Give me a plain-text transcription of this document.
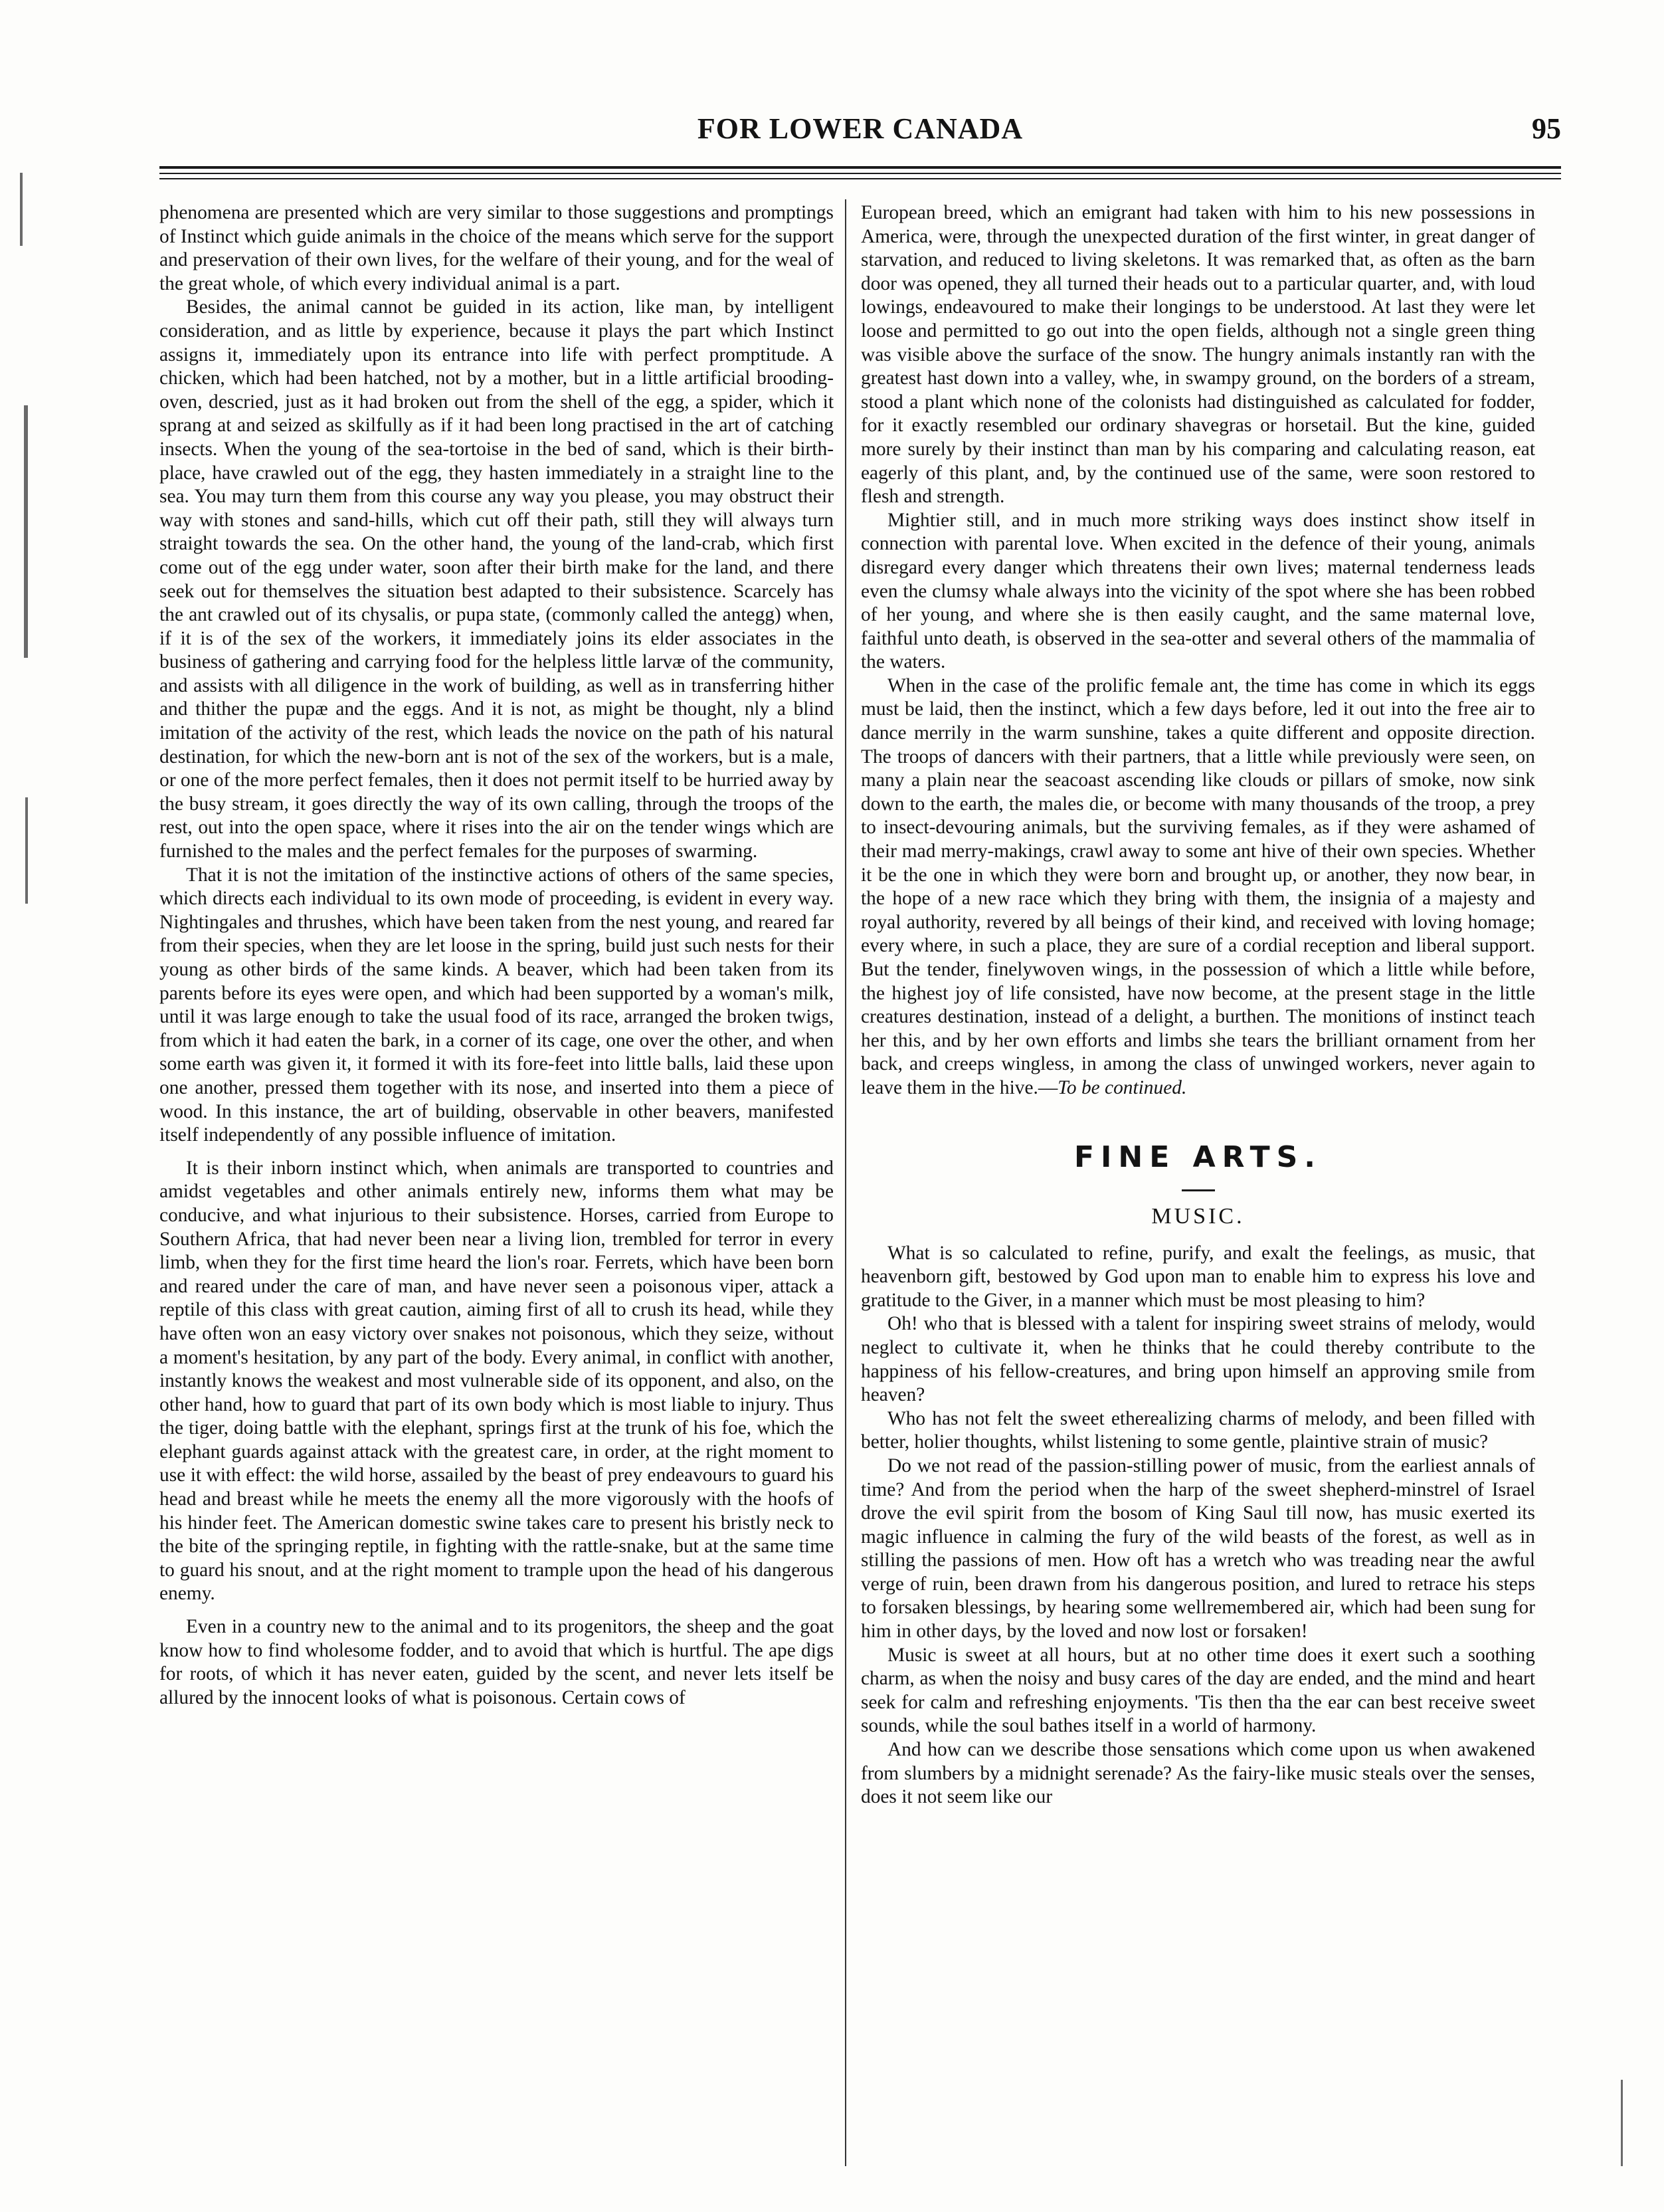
FOR LOWER CANADA	95

phenomena are presented which are very similar to those suggestions and promptings of Instinct which guide animals in the choice of the means which serve for the support and preservation of their own lives, for the welfare of their young, and for the weal of the great whole, of which every individual animal is a part.

Besides, the animal cannot be guided in its action, like man, by intelligent consideration, and as little by experience, because it plays the part which Instinct assigns it, immediately upon its entrance into life with perfect promptitude. A chicken, which had been hatched, not by a mother, but in a little artificial brooding-oven, descried, just as it had broken out from the shell of the egg, a spider, which it sprang at and seized as skilfully as if it had been long practised in the art of catching insects. When the young of the sea-tortoise in the bed of sand, which is their birth-place, have crawled out of the egg, they hasten immediately in a straight line to the sea. You may turn them from this course any way you please, you may obstruct their way with stones and sand-hills, which cut off their path, still they will always turn straight towards the sea. On the other hand, the young of the land-crab, which first come out of the egg under water, soon after their birth make for the land, and there seek out for themselves the situation best adapted to their subsistence. Scarcely has the ant crawled out of its chysalis, or pupa state, (commonly called the antegg) when, if it is of the sex of the workers, it immediately joins its elder associates in the business of gathering and carrying food for the helpless little larvæ of the community, and assists with all diligence in the work of building, as well as in transferring hither and thither the pupæ and the eggs. And it is not, as might be thought, nly a blind imitation of the activity of the rest, which leads the novice on the path of his natural destination, for which the new-born ant is not of the sex of the workers, but is a male, or one of the more perfect females, then it does not permit itself to be hurried away by the busy stream, it goes directly the way of its own calling, through the troops of the rest, out into the open space, where it rises into the air on the tender wings which are furnished to the males and the perfect females for the purposes of swarming.

That it is not the imitation of the instinctive actions of others of the same species, which directs each individual to its own mode of proceeding, is evident in every way. Nightingales and thrushes, which have been taken from the nest young, and reared far from their species, when they are let loose in the spring, build just such nests for their young as other birds of the same kinds. A beaver, which had been taken from its parents before its eyes were open, and which had been supported by a woman's milk, until it was large enough to take the usual food of its race, arranged the broken twigs, from which it had eaten the bark, in a corner of its cage, one over the other, and when some earth was given it, it formed it with its fore-feet into little balls, laid these upon one another, pressed them together with its nose, and inserted into them a piece of wood. In this instance, the art of building, observable in other beavers, manifested itself independently of any possible influence of imitation.

It is their inborn instinct which, when animals are transported to countries and amidst vegetables and other animals entirely new, informs them what may be conducive, and what injurious to their subsistence. Horses, carried from Europe to Southern Africa, that had never been near a living lion, trembled for terror in every limb, when they for the first time heard the lion's roar. Ferrets, which have been born and reared under the care of man, and have never seen a poisonous viper, attack a reptile of this class with great caution, aiming first of all to crush its head, while they have often won an easy victory over snakes not poisonous, which they seize, without a moment's hesitation, by any part of the body. Every animal, in conflict with another, instantly knows the weakest and most vulnerable side of its opponent, and also, on the other hand, how to guard that part of its own body which is most liable to injury. Thus the tiger, doing battle with the elephant, springs first at the trunk of his foe, which the elephant guards against attack with the greatest care, in order, at the right moment to use it with effect: the wild horse, assailed by the beast of prey endeavours to guard his head and breast while he meets the enemy all the more vigorously with the hoofs of his hinder feet. The American domestic swine takes care to present his bristly neck to the bite of the springing reptile, in fighting with the rattle-snake, but at the same time to guard his snout, and at the right moment to trample upon the head of his dangerous enemy.

Even in a country new to the animal and to its progenitors, the sheep and the goat know how to find wholesome fodder, and to avoid that which is hurtful. The ape digs for roots, of which it has never eaten, guided by the scent, and never lets itself be allured by the innocent looks of what is poisonous. Certain cows of

European breed, which an emigrant had taken with him to his new possessions in America, were, through the unexpected duration of the first winter, in great danger of starvation, and reduced to living skeletons. It was remarked that, as often as the barn door was opened, they all turned their heads out to a particular quarter, and, with loud lowings, endeavoured to make their longings to be understood. At last they were let loose and permitted to go out into the open fields, although not a single green thing was visible above the surface of the snow. The hungry animals instantly ran with the greatest hast down into a valley, whe, in swampy ground, on the borders of a stream, stood a plant which none of the colonists had distinguished as calculated for fodder, for it exactly resembled our ordinary shavegras or horsetail. But the kine, guided more surely by their instinct than man by his comparing and calculating reason, eat eagerly of this plant, and, by the continued use of the same, were soon restored to flesh and strength.

Mightier still, and in much more striking ways does instinct show itself in connection with parental love. When excited in the defence of their young, animals disregard every danger which threatens their own lives; maternal tenderness leads even the clumsy whale always into the vicinity of the spot where she has been robbed of her young, and where she is then easily caught, and the same maternal love, faithful unto death, is observed in the sea-otter and several others of the mammalia of the waters.

When in the case of the prolific female ant, the time has come in which its eggs must be laid, then the instinct, which a few days before, led it out into the free air to dance merrily in the warm sunshine, takes a quite different and opposite direction. The troops of dancers with their partners, that a little while previously were seen, on many a plain near the seacoast ascending like clouds or pillars of smoke, now sink down to the earth, the males die, or become with many thousands of the troop, a prey to insect-devouring animals, but the surviving females, as if they were ashamed of their mad merry-makings, crawl away to some ant hive of their own species. Whether it be the one in which they were born and brought up, or another, they now bear, in the hope of a new race which they bring with them, the insignia of a majesty and royal authority, revered by all beings of their kind, and received with loving homage; every where, in such a place, they are sure of a cordial reception and liberal support. But the tender, finelywoven wings, in the possession of which a little while before, the highest joy of life consisted, have now become, at the present stage in the little creatures destination, instead of a delight, a burthen. The monitions of instinct teach her this, and by her own efforts and limbs she tears the brilliant ornament from her back, and creeps wingless, in among the class of unwinged workers, never again to leave them in the hive.—To be continued.

FINE ARTS.
MUSIC.

What is so calculated to refine, purify, and exalt the feelings, as music, that heavenborn gift, bestowed by God upon man to enable him to express his love and gratitude to the Giver, in a manner which must be most pleasing to him?

Oh! who that is blessed with a talent for inspiring sweet strains of melody, would neglect to cultivate it, when he thinks that he could thereby contribute to the happiness of his fellow-creatures, and bring upon himself an approving smile from heaven?

Who has not felt the sweet etherealizing charms of melody, and been filled with better, holier thoughts, whilst listening to some gentle, plaintive strain of music?

Do we not read of the passion-stilling power of music, from the earliest annals of time? And from the period when the harp of the sweet shepherd-minstrel of Israel drove the evil spirit from the bosom of King Saul till now, has music exerted its magic influence in calming the fury of the wild beasts of the forest, as well as in stilling the passions of men. How oft has a wretch who was treading near the awful verge of ruin, been drawn from his dangerous position, and lured to retrace his steps to forsaken blessings, by hearing some wellremembered air, which had been sung for him in other days, by the loved and now lost or forsaken!

Music is sweet at all hours, but at no other time does it exert such a soothing charm, as when the noisy and busy cares of the day are ended, and the mind and heart seek for calm and refreshing enjoyments. 'Tis then tha the ear can best receive sweet sounds, while the soul bathes itself in a world of harmony.

And how can we describe those sensations which come upon us when awakened from slumbers by a midnight serenade? As the fairy-like music steals over the senses, does it not seem like our
